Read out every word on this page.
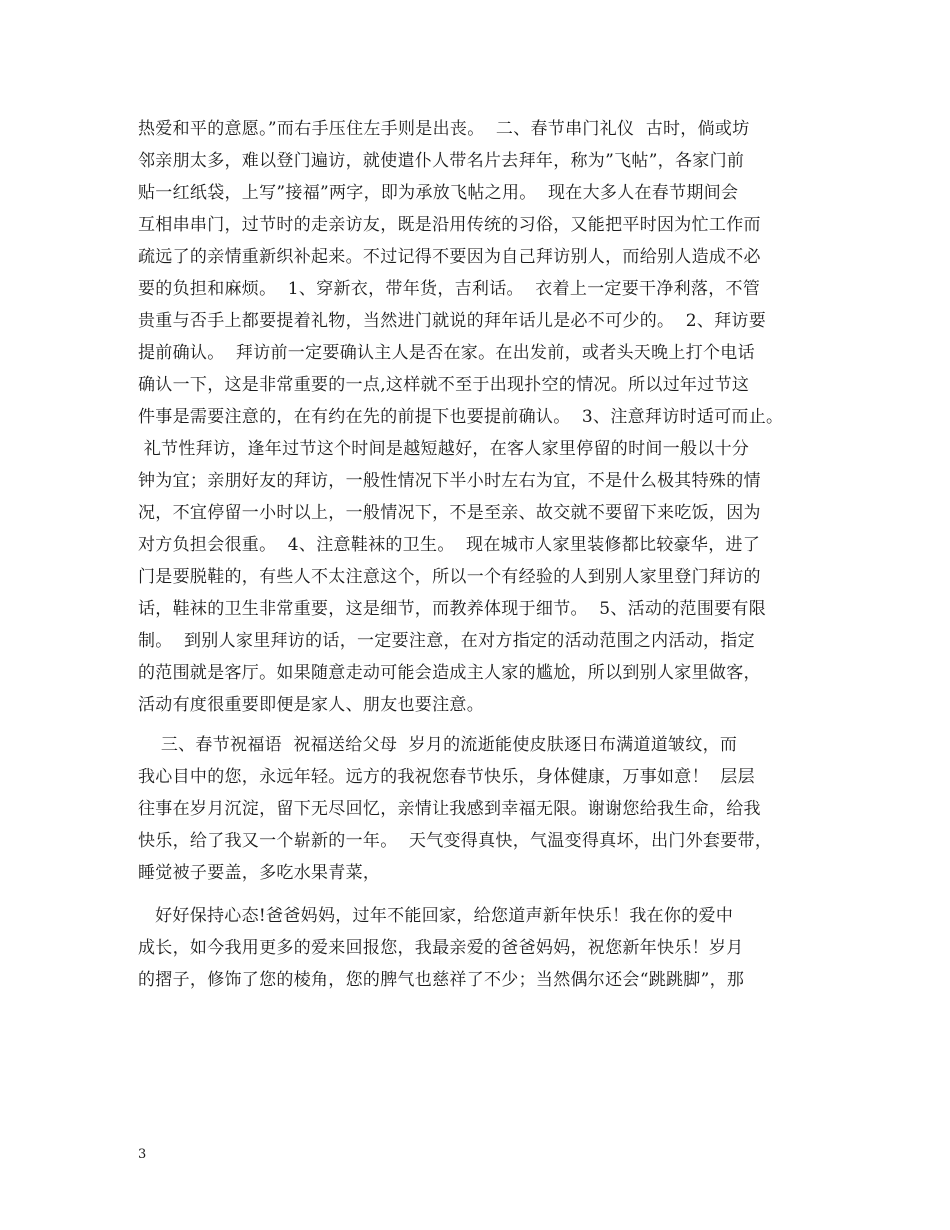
热爱和平的意愿。”而右手压住左手则是出丧。  二、春节串门礼仪  古时，倘或坊
邻亲朋太多，难以登门遍访，就使遣仆人带名片去拜年，称为”飞帖”，各家门前
贴一红纸袋，上写”接福”两字，即为承放飞帖之用。  现在大多人在春节期间会
互相串串门，过节时的走亲访友，既是沿用传统的习俗，又能把平时因为忙工作而
疏远了的亲情重新织补起来。不过记得不要因为自己拜访别人，而给别人造成不必
要的负担和麻烦。  1、穿新衣，带年货，吉利话。  衣着上一定要干净利落，不管
贵重与否手上都要提着礼物，当然进门就说的拜年话儿是必不可少的。  2、拜访要
提前确认。  拜访前一定要确认主人是否在家。在出发前，或者头天晚上打个电话
确认一下，这是非常重要的一点,这样就不至于出现扑空的情况。所以过年过节这
件事是需要注意的，在有约在先的前提下也要提前确认。  3、注意拜访时适可而止。
礼节性拜访，逢年过节这个时间是越短越好，在客人家里停留的时间一般以十分
钟为宜；亲朋好友的拜访，一般性情况下半小时左右为宜，不是什么极其特殊的情
况，不宜停留一小时以上，一般情况下，不是至亲、故交就不要留下来吃饭，因为
对方负担会很重。  4、注意鞋袜的卫生。  现在城市人家里装修都比较豪华，进了
门是要脱鞋的，有些人不太注意这个，所以一个有经验的人到别人家里登门拜访的
话，鞋袜的卫生非常重要，这是细节，而教养体现于细节。  5、活动的范围要有限
制。  到别人家里拜访的话，一定要注意，在对方指定的活动范围之内活动，指定
的范围就是客厅。如果随意走动可能会造成主人家的尴尬，所以到别人家里做客，
活动有度很重要即便是家人、朋友也要注意。
三、春节祝福语  祝福送给父母  岁月的流逝能使皮肤逐日布满道道皱纹，而
我心目中的您，永远年轻。远方的我祝您春节快乐，身体健康，万事如意！  层层
往事在岁月沉淀，留下无尽回忆，亲情让我感到幸福无限。谢谢您给我生命，给我
快乐，给了我又一个崭新的一年。  天气变得真快，气温变得真坏，出门外套要带，
睡觉被子要盖，多吃水果青菜，
好好保持心态!爸爸妈妈，过年不能回家，给您道声新年快乐！我在你的爱中
成长，如今我用更多的爱来回报您，我最亲爱的爸爸妈妈，祝您新年快乐！岁月
的摺子，修饰了您的棱角，您的脾气也慈祥了不少；当然偶尔还会“跳跳脚”，那
3
